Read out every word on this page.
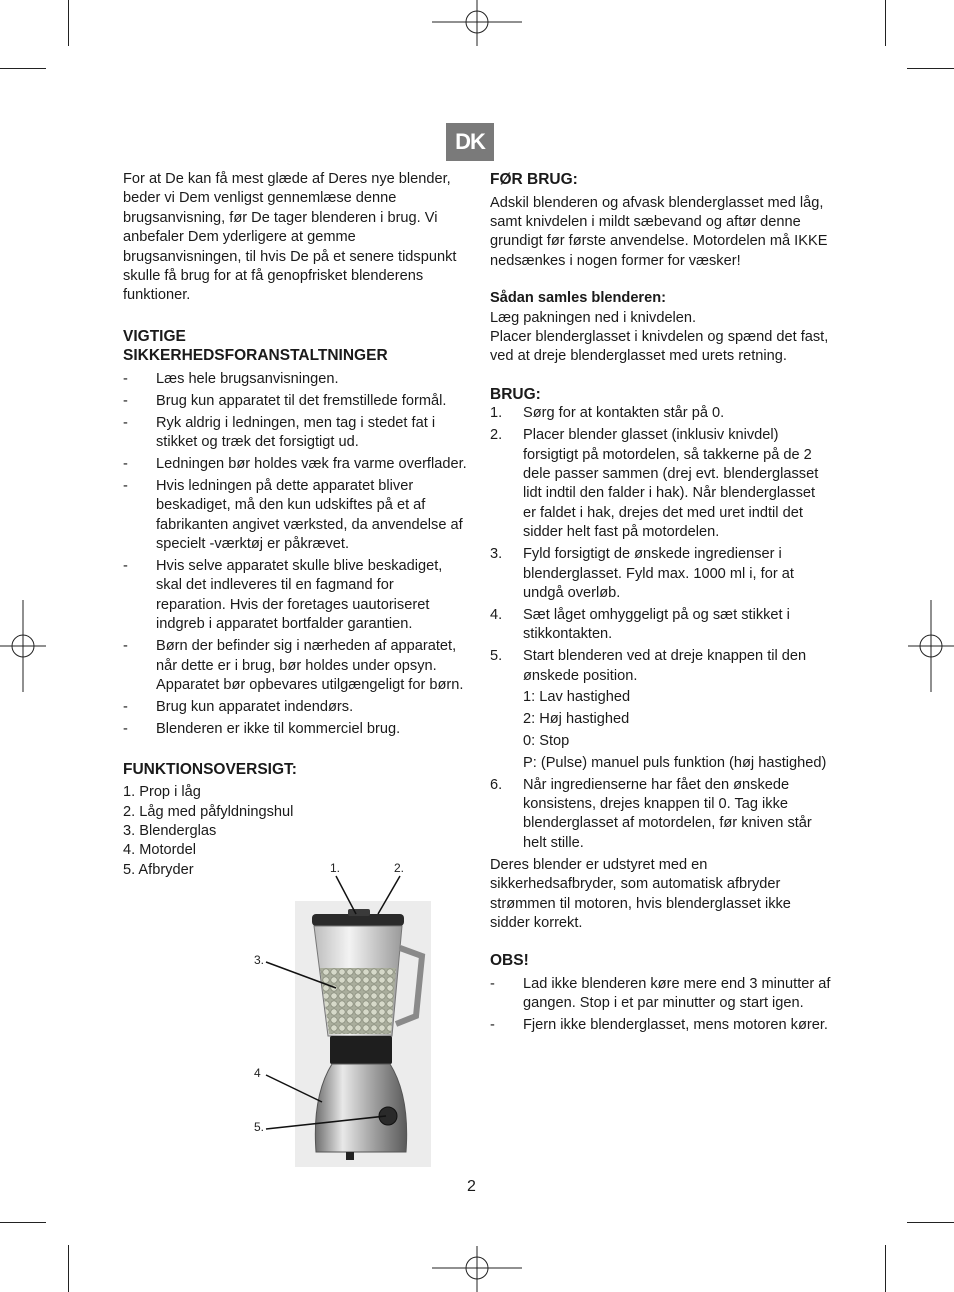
DK

For at De kan få mest glæde af Deres nye blender, beder vi Dem venligst gennemlæse denne brugsanvisning, før De tager blenderen i brug. Vi anbefaler Dem yderligere at gemme brugsanvisningen, til hvis De på et senere tidspunkt skulle få brug for at få genopfrisket blenderens funktioner.

VIGTIGE
SIKKERHEDSFORANSTALTNINGER
- Læs hele brugsanvisningen.
- Brug kun apparatet til det fremstillede formål.
- Ryk aldrig i ledningen, men tag i stedet fat i stikket og træk det forsigtigt ud.
- Ledningen bør holdes væk fra varme overflader.
- Hvis ledningen på dette apparatet bliver beskadiget, må den kun udskiftes på et af fabrikanten angivet værksted, da anvendelse af specielt -værktøj er påkrævet.
- Hvis selve apparatet skulle blive beskadiget, skal det indleveres til en fagmand for reparation. Hvis der foretages uautoriseret indgreb i apparatet bortfalder garantien.
- Børn der befinder sig i nærheden af apparatet, når dette er i brug, bør holdes under opsyn. Apparatet bør opbevares utilgængeligt for børn.
- Brug kun apparatet indendørs.
- Blenderen er ikke til kommerciel brug.
FUNKTIONSOVERSIGT:
1. Prop i låg
2. Låg med påfyldningshul
3. Blenderglas
4. Motordel
5. Afbryder	1.	2.
3.
4
5.
FØR BRUG:

Adskil blenderen og afvask blenderglasset med låg, samt knivdelen i mildt sæbevand og aftør denne grundigt før første anvendelse. Motordelen må IKKE nedsænkes i nogen former for væsker!

Sådan samles blenderen:

Læg pakningen ned i knivdelen.

Placer blenderglasset i knivdelen og spænd det fast, ved at dreje blenderglasset med urets retning.

BRUG:
1. Sørg for at kontakten står på 0.
2. Placer blender glasset (inklusiv knivdel) forsigtigt på motordelen, så takkerne på de 2 dele passer sammen (drej evt. blenderglasset lidt indtil den falder i hak). Når blenderglasset er faldet i hak, drejes det med uret indtil det sidder helt fast på motordelen.
3. Fyld forsigtigt de ønskede ingredienser i blenderglasset. Fyld max. 1000 ml i, for at undgå overløb.
4. Sæt låget omhyggeligt på og sæt stikket i stikkontakten.
5. Start blenderen ved at dreje knappen til den ønskede position.
1: Lav hastighed
2: Høj hastighed
0: Stop
P: (Pulse) manuel puls funktion (høj hastighed)
6. Når ingredienserne har fået den ønskede konsistens, drejes knappen til 0. Tag ikke blenderglasset af motordelen, før kniven står helt stille.

Deres blender er udstyret med en sikkerhedsafbryder, som automatisk afbryder strømmen til motoren, hvis blenderglasset ikke sidder korrekt.

OBS!
- Lad ikke blenderen køre mere end 3 minutter af gangen. Stop i et par minutter og start igen.
- Fjern ikke blenderglasset, mens motoren kører.
2
